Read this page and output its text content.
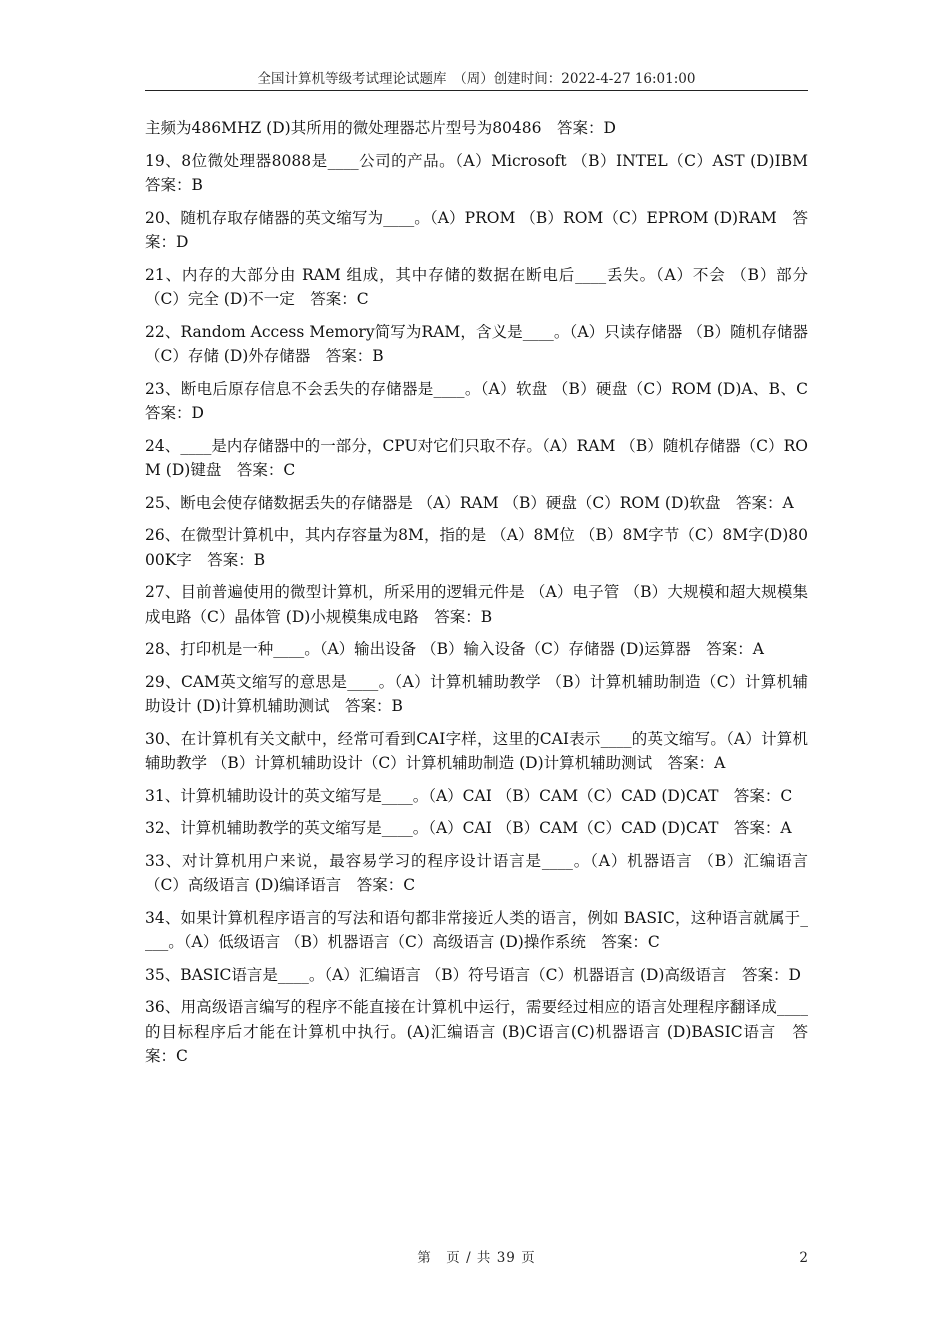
全国计算机等级考试理论试题库　（周）创建时间：2022-4-27 16:01:00

主频为486MHZ (D)其所用的微处理器芯片型号为80486　答案：D

19、8位微处理器8088是____公司的产品。（A）Microsoft （B）INTEL（C）AST (D)IBM　答案：B

20、随机存取存储器的英文缩写为____。（A）PROM （B）ROM（C）EPROM (D)RAM　答案：D

21、内存的大部分由 RAM 组成，其中存储的数据在断电后____丢失。（A）不会 （B）部分（C）完全 (D)不一定　答案：C

22、Random Access Memory简写为RAM，含义是____。（A）只读存储器 （B）随机存储器（C）存储 (D)外存储器　答案：B

23、断电后原存信息不会丢失的存储器是____。（A）软盘 （B）硬盘（C）ROM (D)A、B、C　答案：D

24、____是内存储器中的一部分，CPU对它们只取不存。（A）RAM （B）随机存储器（C）ROM (D)键盘　答案：C

25、断电会使存储数据丢失的存储器是 （A）RAM （B）硬盘（C）ROM (D)软盘　答案：A

26、在微型计算机中，其内存容量为8M，指的是 （A）8M位 （B）8M字节（C）8M字(D)8000K字　答案：B

27、目前普遍使用的微型计算机，所采用的逻辑元件是 （A）电子管 （B）大规模和超大规模集成电路（C）晶体管 (D)小规模集成电路　答案：B

28、打印机是一种____。（A）输出设备 （B）输入设备（C）存储器 (D)运算器　答案：A

29、CAM英文缩写的意思是____。（A）计算机辅助教学 （B）计算机辅助制造（C）计算机辅助设计 (D)计算机辅助测试　答案：B

30、在计算机有关文献中，经常可看到CAI字样，这里的CAI表示____的英文缩写。（A）计算机辅助教学 （B）计算机辅助设计（C）计算机辅助制造 (D)计算机辅助测试　答案：A

31、计算机辅助设计的英文缩写是____。（A）CAI （B）CAM（C）CAD (D)CAT　答案：C

32、计算机辅助教学的英文缩写是____。（A）CAI （B）CAM（C）CAD (D)CAT　答案：A

33、对计算机用户来说，最容易学习的程序设计语言是____。（A）机器语言 （B）汇编语言（C）高级语言 (D)编译语言　答案：C

34、如果计算机程序语言的写法和语句都非常接近人类的语言，例如 BASIC，这种语言就属于____。（A）低级语言 （B）机器语言（C）高级语言 (D)操作系统　答案：C

35、BASIC语言是____。（A）汇编语言 （B）符号语言（C）机器语言 (D)高级语言　答案：D

36、用高级语言编写的程序不能直接在计算机中运行，需要经过相应的语言处理程序翻译成____的目标程序后才能在计算机中执行。(A)汇编语言 (B)C语言(C)机器语言 (D)BASIC语言　答案：C

第　页 / 共 39 页	2
